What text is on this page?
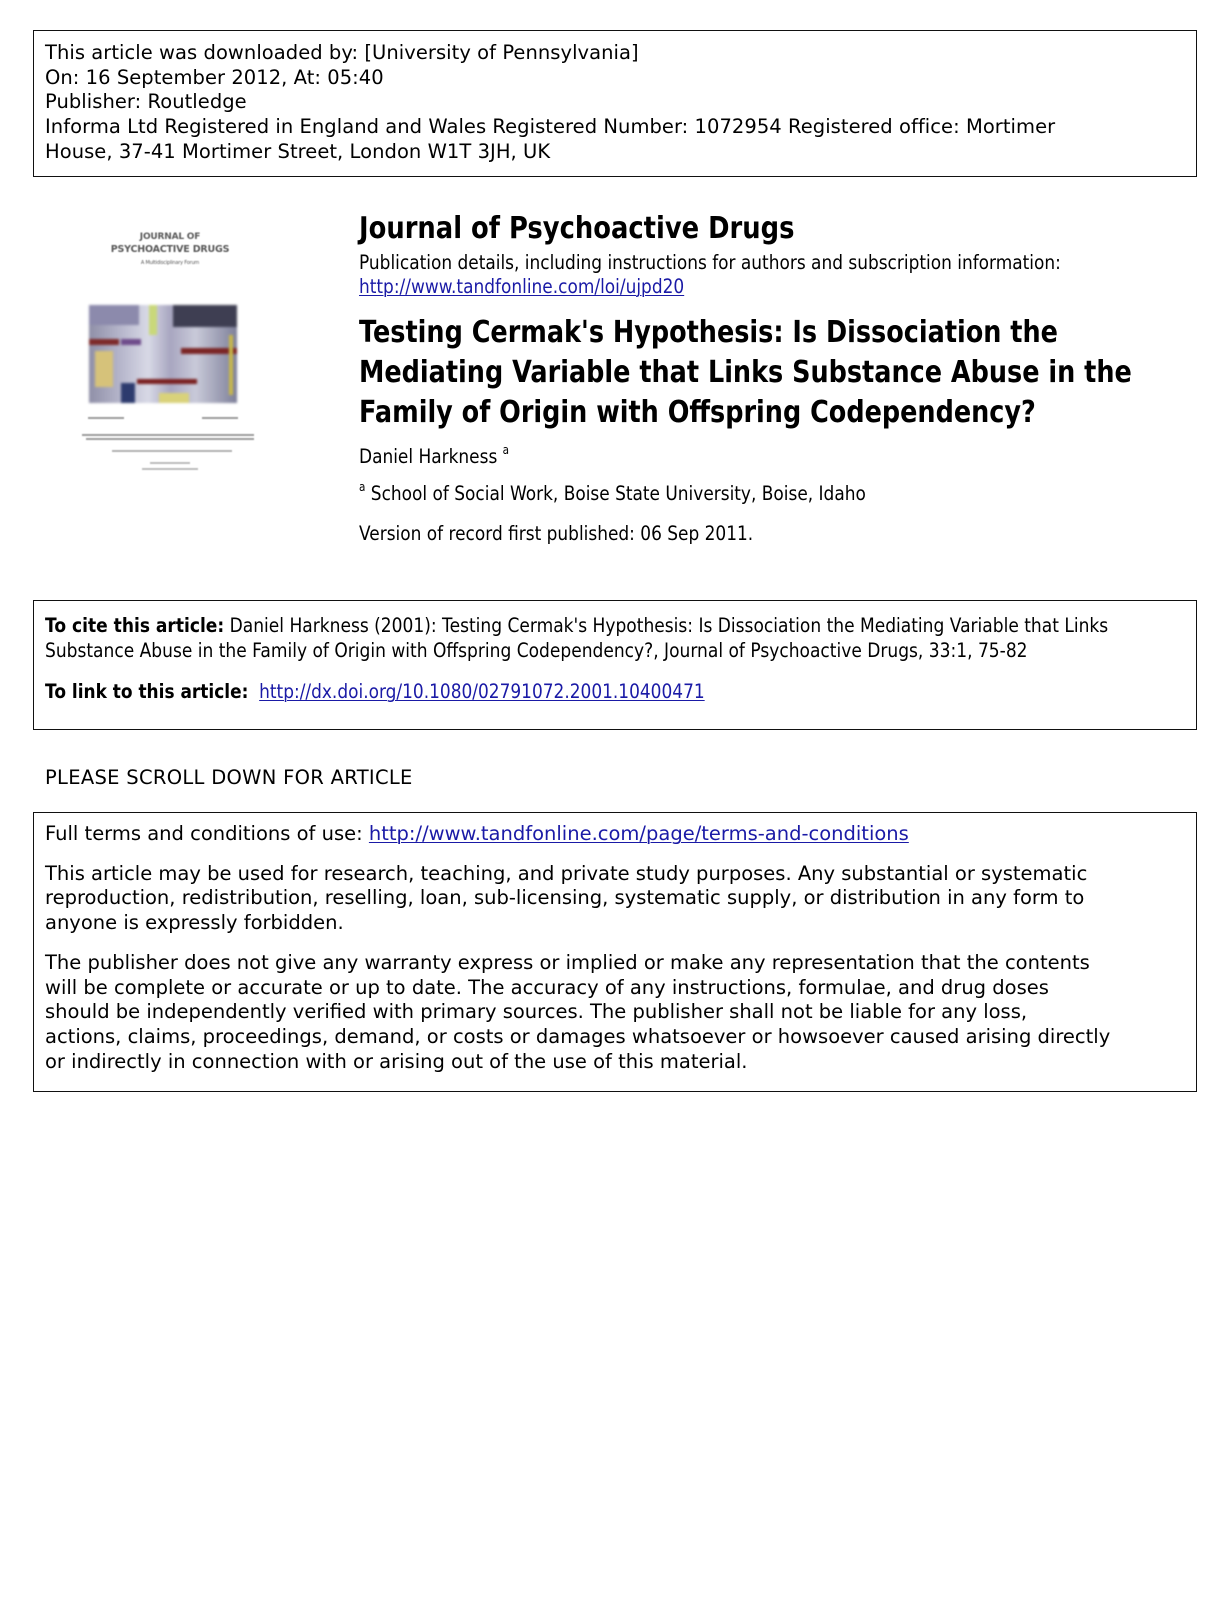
This article was downloaded by: [University of Pennsylvania]
On: 16 September 2012, At: 05:40
Publisher: Routledge
Informa Ltd Registered in England and Wales Registered Number: 1072954 Registered office: Mortimer
House, 37-41 Mortimer Street, London W1T 3JH, UK
JOURNAL OF
PSYCHOACTIVE DRUGS
A Multidisciplinary Forum
Journal of Psychoactive Drugs
Publication details, including instructions for authors and subscription information:
http://www.tandfonline.com/loi/ujpd20
Testing Cermak's Hypothesis: Is Dissociation the
Mediating Variable that Links Substance Abuse in the
Family of Origin with Offspring Codependency?
Daniel Harkness $^a$
$^a$ School of Social Work, Boise State University, Boise, Idaho
Version of record first published: 06 Sep 2011.
To cite this article: Daniel Harkness (2001): Testing Cermak's Hypothesis: Is Dissociation the Mediating Variable that Links
Substance Abuse in the Family of Origin with Offspring Codependency?, Journal of Psychoactive Drugs, 33:1, 75-82
To link to this article: http://dx.doi.org/10.1080/02791072.2001.10400471
PLEASE SCROLL DOWN FOR ARTICLE
Full terms and conditions of use: http://www.tandfonline.com/page/terms-and-conditions
This article may be used for research, teaching, and private study purposes. Any substantial or systematic
reproduction, redistribution, reselling, loan, sub-licensing, systematic supply, or distribution in any form to
anyone is expressly forbidden.
The publisher does not give any warranty express or implied or make any representation that the contents
will be complete or accurate or up to date. The accuracy of any instructions, formulae, and drug doses
should be independently verified with primary sources. The publisher shall not be liable for any loss,
actions, claims, proceedings, demand, or costs or damages whatsoever or howsoever caused arising directly
or indirectly in connection with or arising out of the use of this material.
